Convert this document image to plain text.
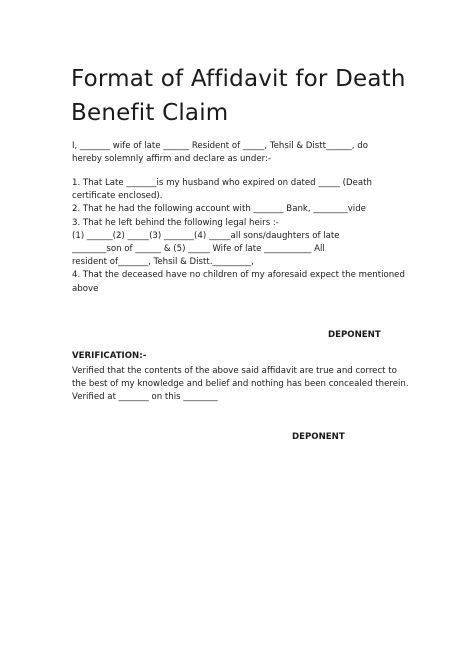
Format of Affidavit for Death
Benefit Claim

I, _______ wife of late ______ Resident of _____, Tehsil & Distt______, do
hereby solemnly affirm and declare as under:-

1. That Late _______is my husband who expired on dated _____ (Death
certificate enclosed).
2. That he had the following account with _______ Bank, ________vide
3. That he left behind the following legal heirs :-
(1) ______(2) _____(3) _______(4) _____all sons/daughters of late
________son of ______ & (5) _____ Wife of late ___________ All
resident of_______, Tehsil & Distt._________,
4. That the deceased have no children of my aforesaid expect the mentioned
above

DEPONENT

VERIFICATION:-

Verified that the contents of the above said affidavit are true and correct to
the best of my knowledge and belief and nothing has been concealed therein.
Verified at _______ on this ________

DEPONENT
